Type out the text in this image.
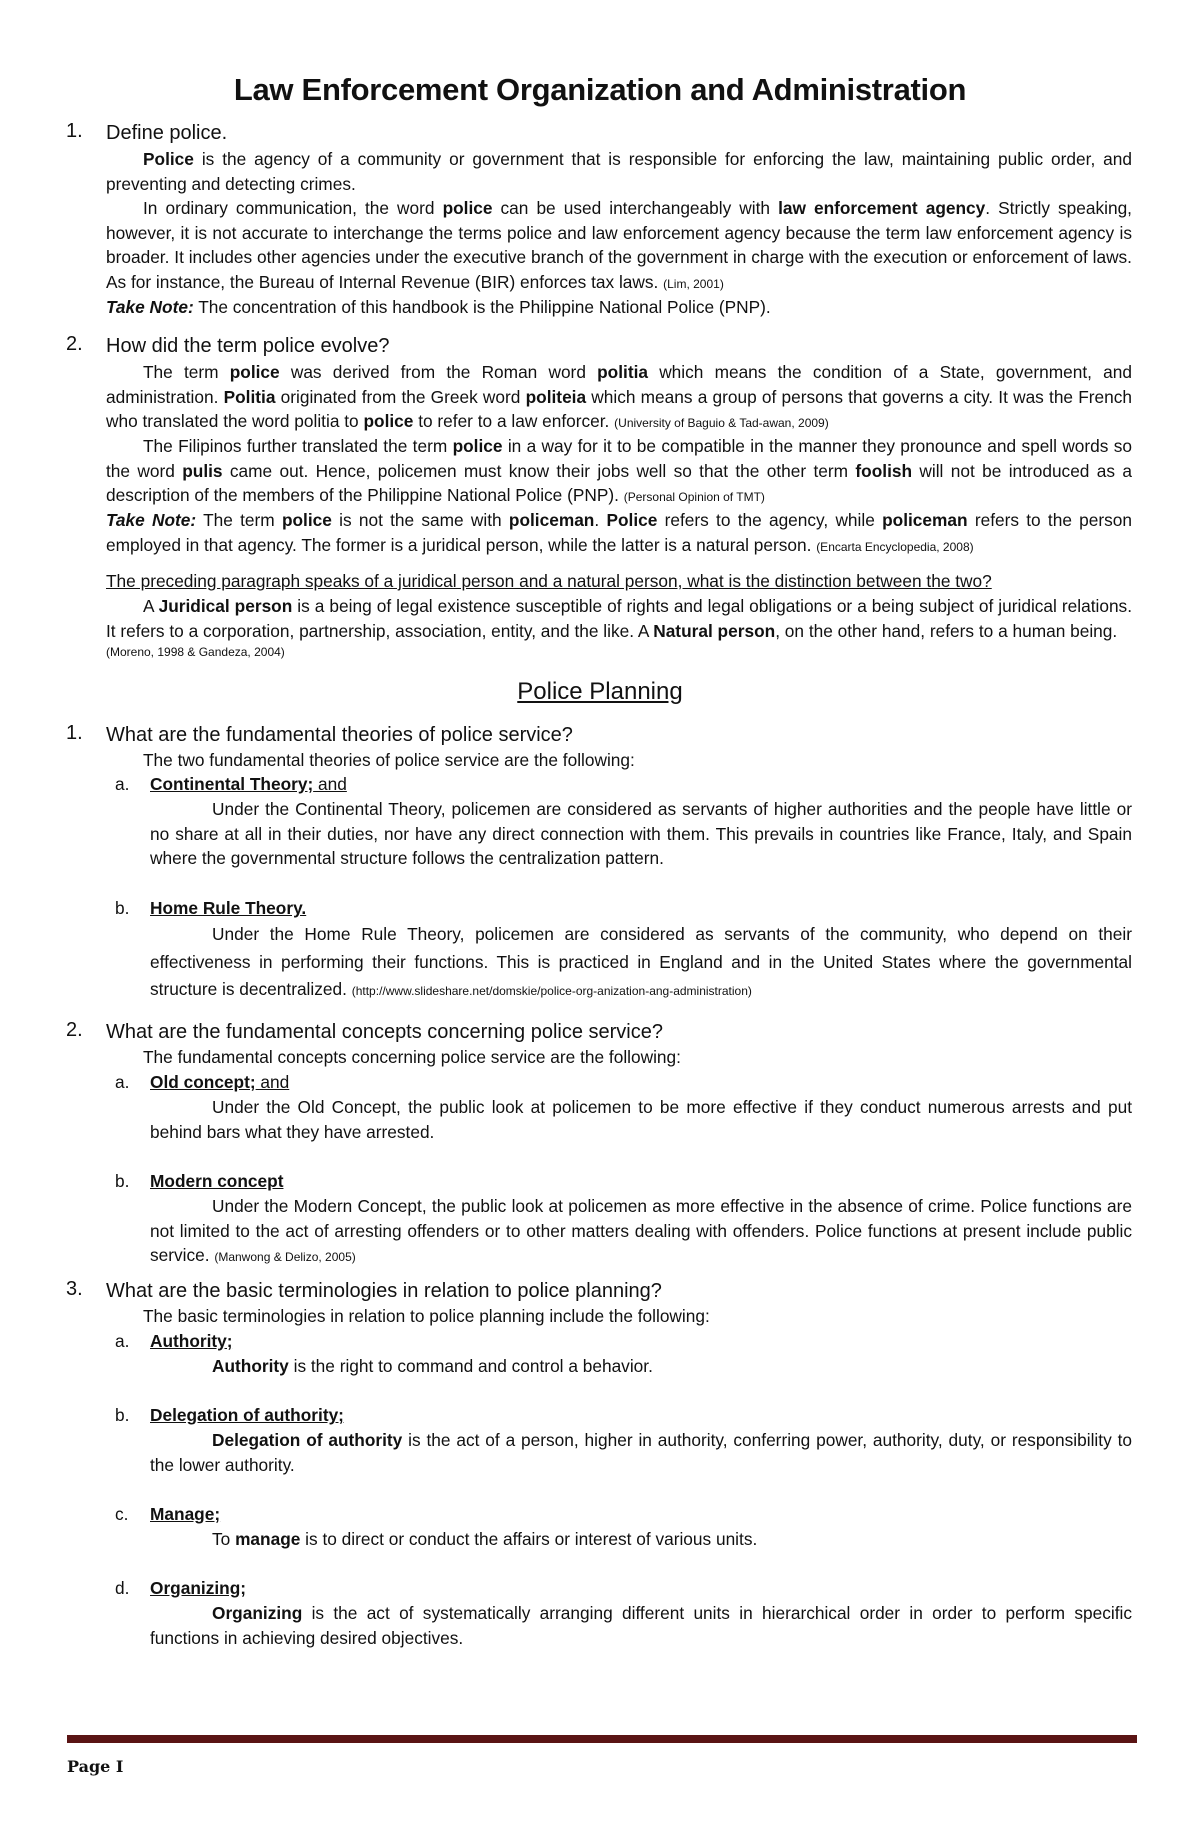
Law Enforcement Organization and Administration
1. Define police.
Police is the agency of a community or government that is responsible for enforcing the law, maintaining public order, and preventing and detecting crimes.
In ordinary communication, the word police can be used interchangeably with law enforcement agency. Strictly speaking, however, it is not accurate to interchange the terms police and law enforcement agency because the term law enforcement agency is broader. It includes other agencies under the executive branch of the government in charge with the execution or enforcement of laws. As for instance, the Bureau of Internal Revenue (BIR) enforces tax laws. (Lim, 2001)
Take Note: The concentration of this handbook is the Philippine National Police (PNP).
2. How did the term police evolve?
The term police was derived from the Roman word politia which means the condition of a State, government, and administration. Politia originated from the Greek word politeia which means a group of persons that governs a city. It was the French who translated the word politia to police to refer to a law enforcer. (University of Baguio & Tad-awan, 2009)
The Filipinos further translated the term police in a way for it to be compatible in the manner they pronounce and spell words so the word pulis came out. Hence, policemen must know their jobs well so that the other term foolish will not be introduced as a description of the members of the Philippine National Police (PNP). (Personal Opinion of TMT)
Take Note: The term police is not the same with policeman. Police refers to the agency, while policeman refers to the person employed in that agency. The former is a juridical person, while the latter is a natural person. (Encarta Encyclopedia, 2008)
The preceding paragraph speaks of a juridical person and a natural person, what is the distinction between the two?
A Juridical person is a being of legal existence susceptible of rights and legal obligations or a being subject of juridical relations. It refers to a corporation, partnership, association, entity, and the like. A Natural person, on the other hand, refers to a human being.
(Moreno, 1998 & Gandeza, 2004)
Police Planning
1. What are the fundamental theories of police service?
The two fundamental theories of police service are the following:
a. Continental Theory; and
Under the Continental Theory, policemen are considered as servants of higher authorities and the people have little or no share at all in their duties, nor have any direct connection with them. This prevails in countries like France, Italy, and Spain where the governmental structure follows the centralization pattern.
b. Home Rule Theory.
Under the Home Rule Theory, policemen are considered as servants of the community, who depend on their effectiveness in performing their functions. This is practiced in England and in the United States where the governmental structure is decentralized. (http://www.slideshare.net/domskie/police-org-anization-ang-administration)
2. What are the fundamental concepts concerning police service?
The fundamental concepts concerning police service are the following:
a. Old concept; and
Under the Old Concept, the public look at policemen to be more effective if they conduct numerous arrests and put behind bars what they have arrested.
b. Modern concept
Under the Modern Concept, the public look at policemen as more effective in the absence of crime. Police functions are not limited to the act of arresting offenders or to other matters dealing with offenders. Police functions at present include public service. (Manwong & Delizo, 2005)
3. What are the basic terminologies in relation to police planning?
The basic terminologies in relation to police planning include the following:
a. Authority;
Authority is the right to command and control a behavior.
b. Delegation of authority;
Delegation of authority is the act of a person, higher in authority, conferring power, authority, duty, or responsibility to the lower authority.
c. Manage;
To manage is to direct or conduct the affairs or interest of various units.
d. Organizing;
Organizing is the act of systematically arranging different units in hierarchical order in order to perform specific functions in achieving desired objectives.
Page I
